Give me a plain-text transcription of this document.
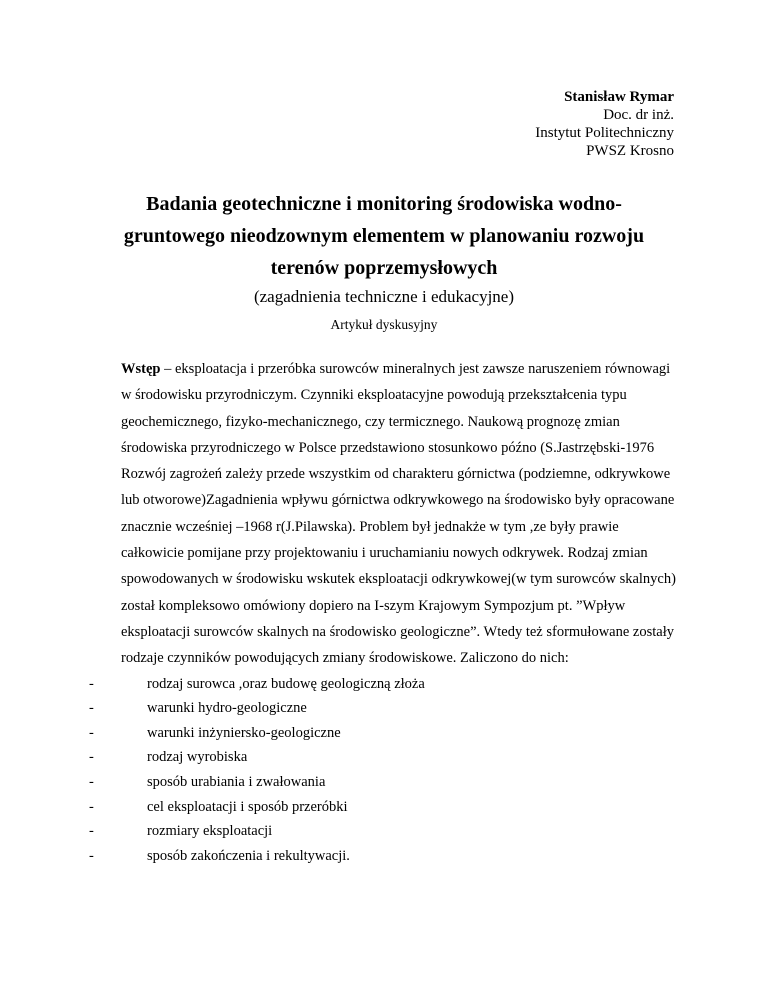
Stanisław Rymar
Doc. dr inż.
Instytut Politechniczny
PWSZ Krosno
Badania geotechniczne i monitoring środowiska wodno-gruntowego nieodzownym elementem w planowaniu rozwoju terenów poprzemysłowych
(zagadnienia techniczne i edukacyjne)
Artykuł dyskusyjny

Wstęp – eksploatacja i przeróbka surowców mineralnych jest zawsze naruszeniem równowagi w środowisku przyrodniczym. Czynniki eksploatacyjne powodują przekształcenia typu geochemicznego, fizyko-mechanicznego, czy termicznego. Naukową prognozę zmian środowiska przyrodniczego w Polsce przedstawiono stosunkowo późno (S.Jastrzębski-1976 Rozwój zagrożeń zależy przede wszystkim od charakteru górnictwa (podziemne, odkrywkowe lub otworowe)Zagadnienia wpływu górnictwa odkrywkowego na środowisko były opracowane znacznie wcześniej –1968 r(J.Pilawska). Problem był jednakże w tym ,ze były prawie całkowicie pomijane przy projektowaniu i uruchamianiu nowych odkrywek. Rodzaj zmian spowodowanych w środowisku wskutek eksploatacji odkrywkowej(w tym surowców skalnych) został kompleksowo omówiony dopiero na I-szym Krajowym Sympozjum pt. ”Wpływ eksploatacji surowców skalnych na środowisko geologiczne”. Wtedy też sformułowane zostały rodzaje czynników powodujących zmiany środowiskowe. Zaliczono do nich:

-	rodzaj surowca ,oraz budowę geologiczną złoża
-	warunki hydro-geologiczne
-	warunki inżyniersko-geologiczne
-	rodzaj wyrobiska
-	sposób urabiania i zwałowania
-	cel eksploatacji i sposób przeróbki
-	rozmiary eksploatacji
-	sposób zakończenia i rekultywacji.
